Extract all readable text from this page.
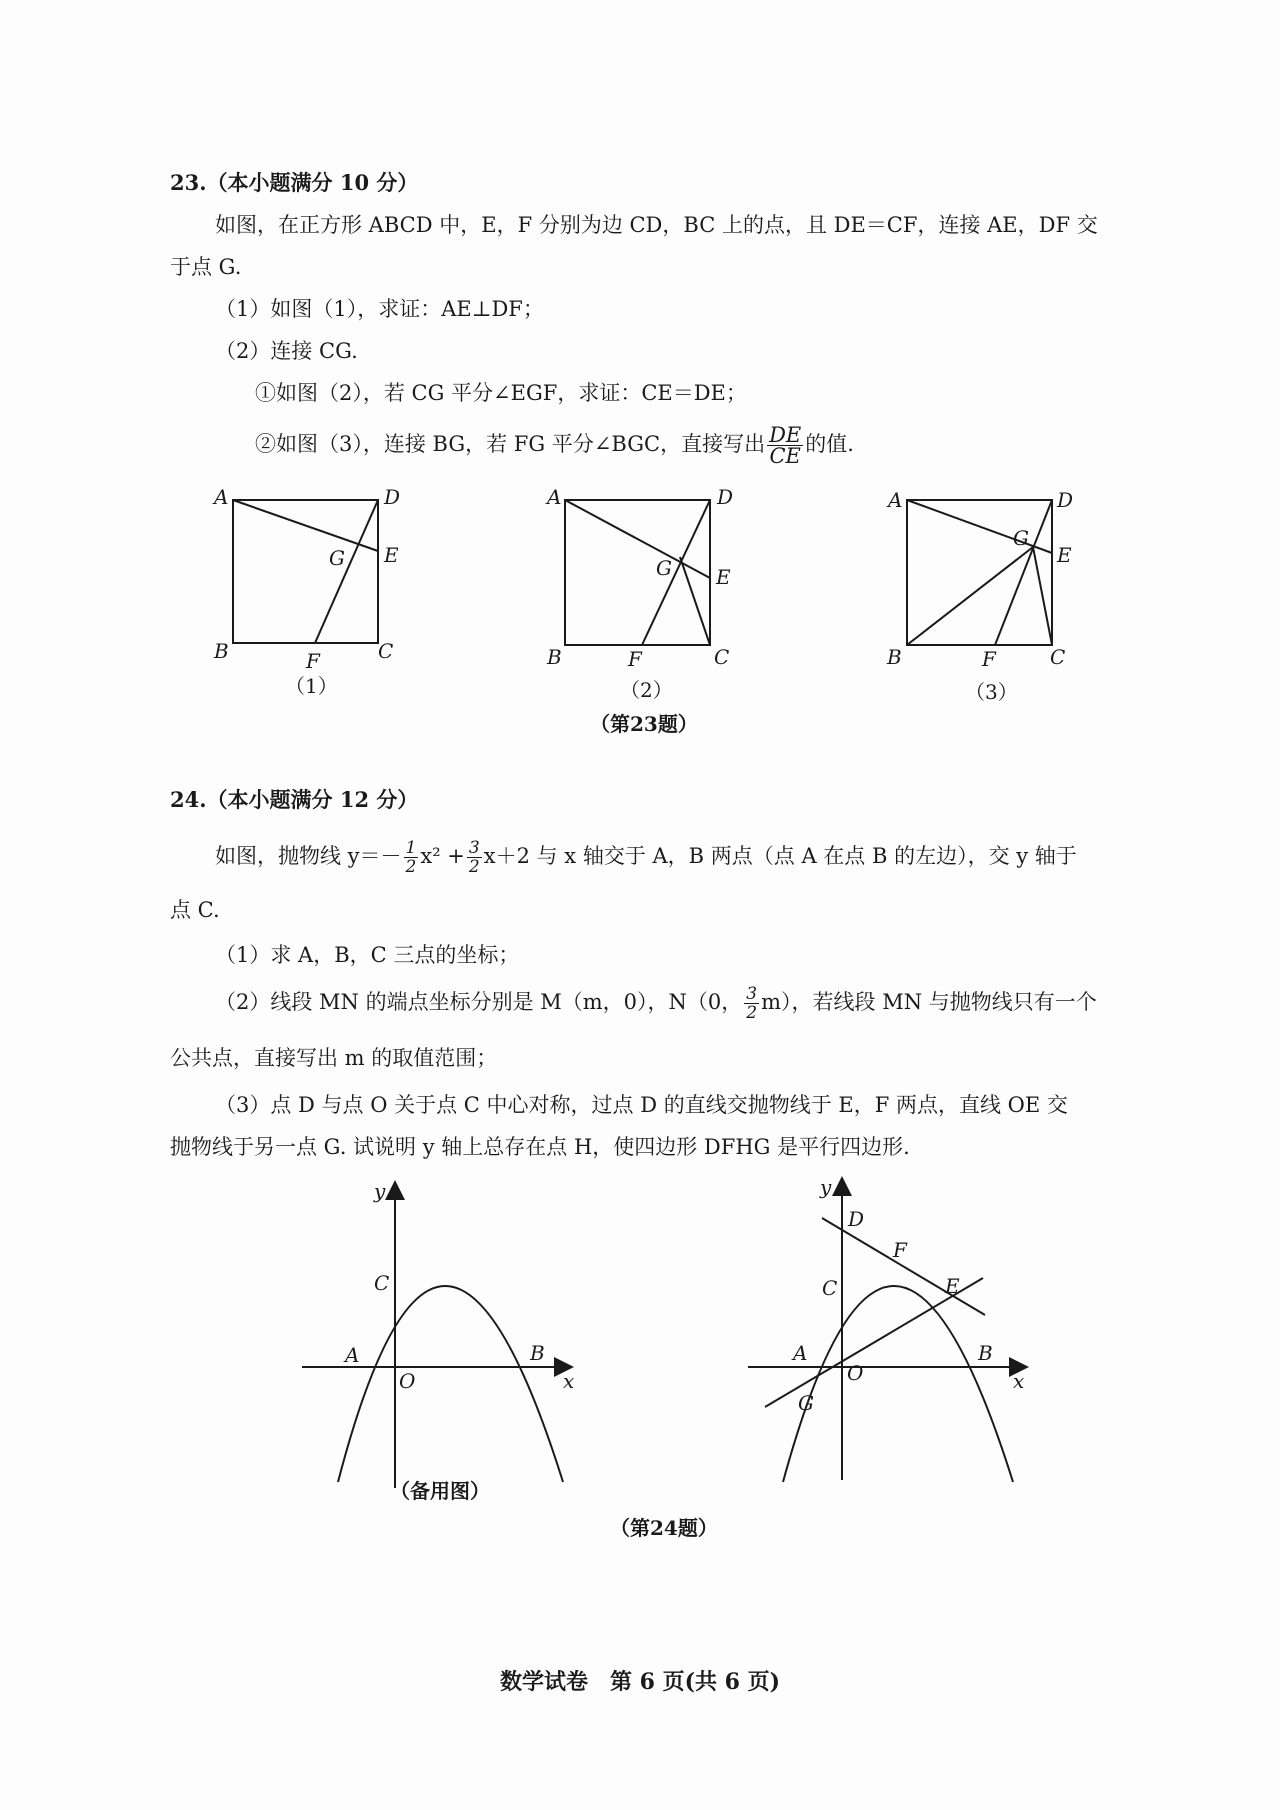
23.（本小题满分 10 分）
如图，在正方形 ABCD 中，E，F 分别为边 CD，BC 上的点，且 DE＝CF，连接 AE，DF 交
于点 G.
（1）如图（1），求证：AE⊥DF；
（2）连接 CG.
①如图（2），若 CG 平分∠EGF，求证：CE＝DE；
②如图（3），连接 BG，若 FG 平分∠BGC，直接写出 $\frac{DE}{CE}$ 的值.
A	D
E
G
B	F	C
A	D
E
G
B	F	C
A	D
E
G
B	F	C
（1）	（2）	（3）
（第23题）
24.（本小题满分 12 分）
如图，抛物线 $y=- \frac{1}{2} x^2 + \frac{3}{2} x+2$ 与 x 轴交于 A，B 两点（点 A 在点 B 的左边），交 y 轴于
点 C.
（1）求 A，B，C 三点的坐标；
（2）线段 MN 的端点坐标分别是 M（m，0），N（0， $\frac{3}{2} m$），若线段 MN 与抛物线只有一个
公共点，直接写出 m 的取值范围；
（3）点 D 与点 O 关于点 C 中心对称，过点 D 的直线交抛物线于 E，F 两点，直线 OE 交
抛物线于另一点 G. 试说明 y 轴上总存在点 H，使四边形 DFHG 是平行四边形.
y
x
C
A
O
B
y
x
D
F
E
C
A
O
B
G
（备用图）
（第24题）
数学试卷　第 6 页(共 6 页)
